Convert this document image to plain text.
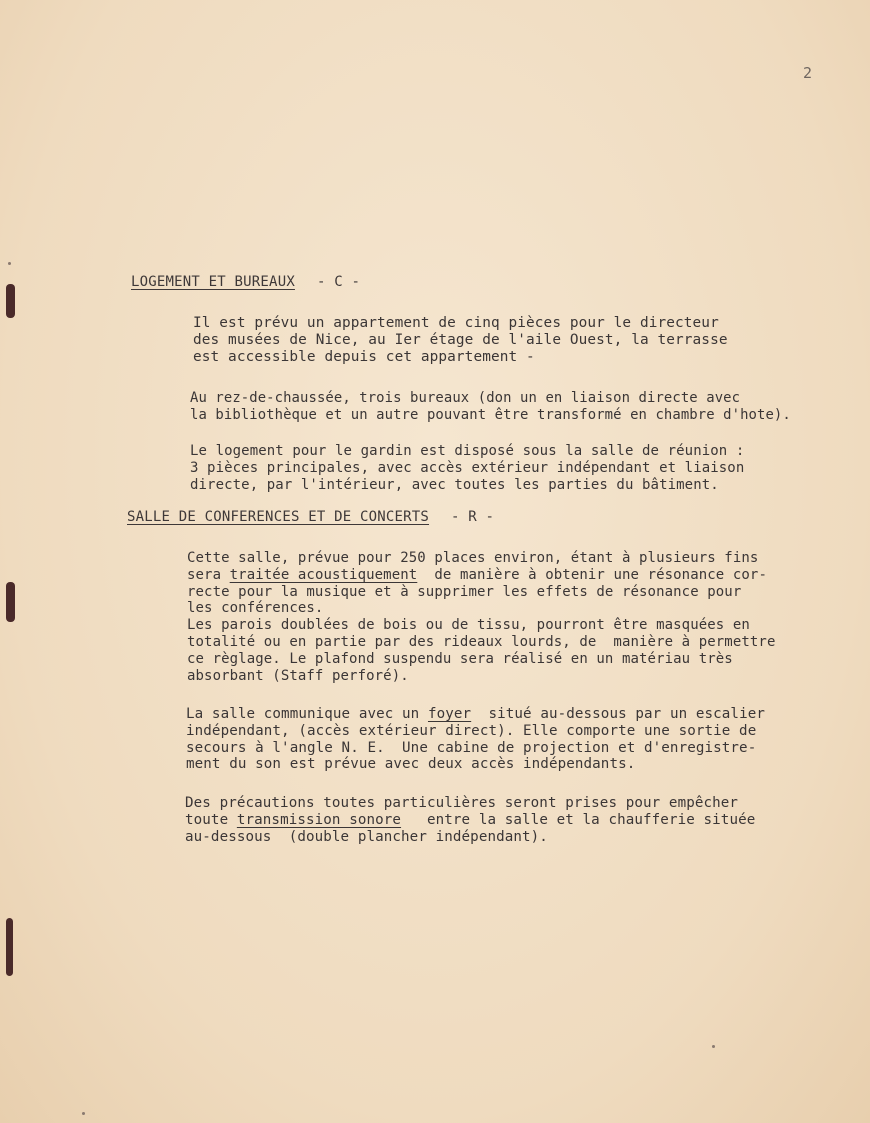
2
LOGEMENT ET BUREAUX - C -
Il est prévu un appartement de cinq pièces pour le directeur
des musées de Nice, au Ier étage de l'aile Ouest, la terrasse
est accessible depuis cet appartement -
Au rez-de-chaussée, trois bureaux (don un en liaison directe avec
la bibliothèque et un autre pouvant être transformé en chambre d'hote).
Le logement pour le gardin est disposé sous la salle de réunion :
3 pièces principales, avec accès extérieur indépendant et liaison
directe, par l'intérieur, avec toutes les parties du bâtiment.
SALLE DE CONFERENCES ET DE CONCERTS - R -
Cette salle, prévue pour 250 places environ, étant à plusieurs fins
sera traitée acoustiquement  de manière à obtenir une résonance cor-
recte pour la musique et à supprimer les effets de résonance pour
les conférences.
Les parois doublées de bois ou de tissu, pourront être masquées en
totalité ou en partie par des rideaux lourds, de  manière à permettre
ce règlage. Le plafond suspendu sera réalisé en un matériau très
absorbant (Staff perforé).
La salle communique avec un foyer  situé au-dessous par un escalier
indépendant, (accès extérieur direct). Elle comporte une sortie de
secours à l'angle N. E.  Une cabine de projection et d'enregistre-
ment du son est prévue avec deux accès indépendants.
Des précautions toutes particulières seront prises pour empêcher
toute transmission sonore   entre la salle et la chaufferie située
au-dessous  (double plancher indépendant).
